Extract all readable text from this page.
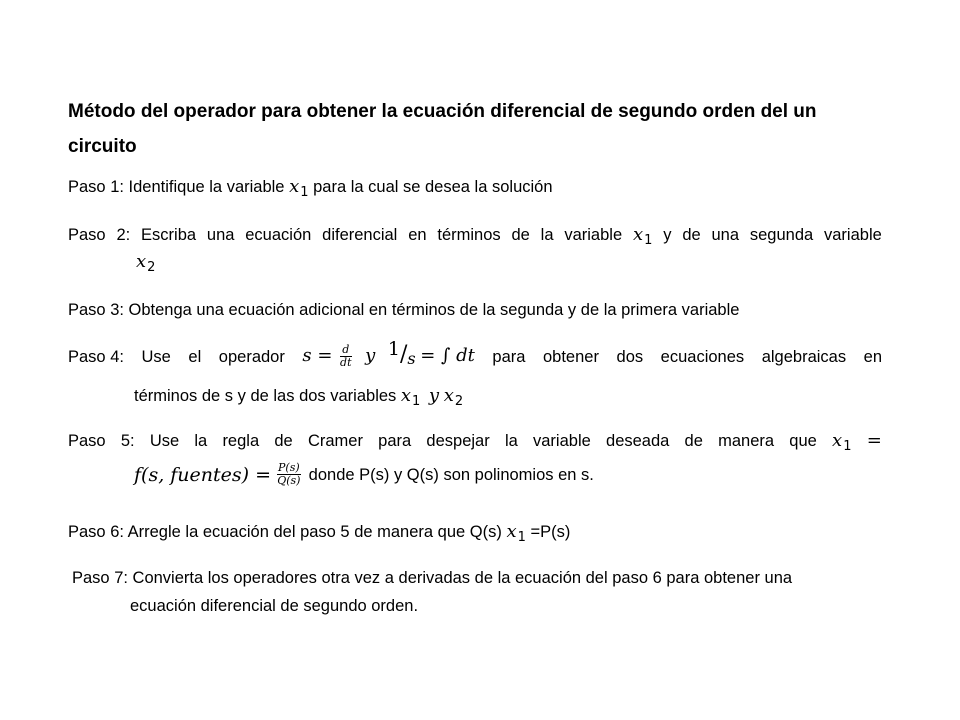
Método del operador para obtener la ecuación diferencial de segundo orden del un circuito
Paso 1: Identifique la variable $x_1$ para la cual se desea la solución
Paso 2: Escriba una ecuación diferencial en términos de la variable $x_1$ y de una segunda variable
$x_2$
Paso 3: Obtenga una ecuación adicional en términos de la segunda y de la primera variable
Paso 4: Use el operador $s = \frac{d}{dt}$ y 1/s = ∫ dt para obtener dos ecuaciones algebraicas en
términos de s y de las dos variables $x_1$ y $x_2$
Paso 5: Use la regla de Cramer para despejar la variable deseada de manera que $x_1$ =
f(s, fuentes) = $\frac{P(s)}{Q(s)}$ donde P(s) y Q(s) son polinomios en s.
Paso 6: Arregle la ecuación del paso 5 de manera que Q(s) $x_1 =P(s)$
Paso 7: Convierta los operadores otra vez a derivadas de la ecuación del paso 6 para obtener una
ecuación diferencial de segundo orden.
